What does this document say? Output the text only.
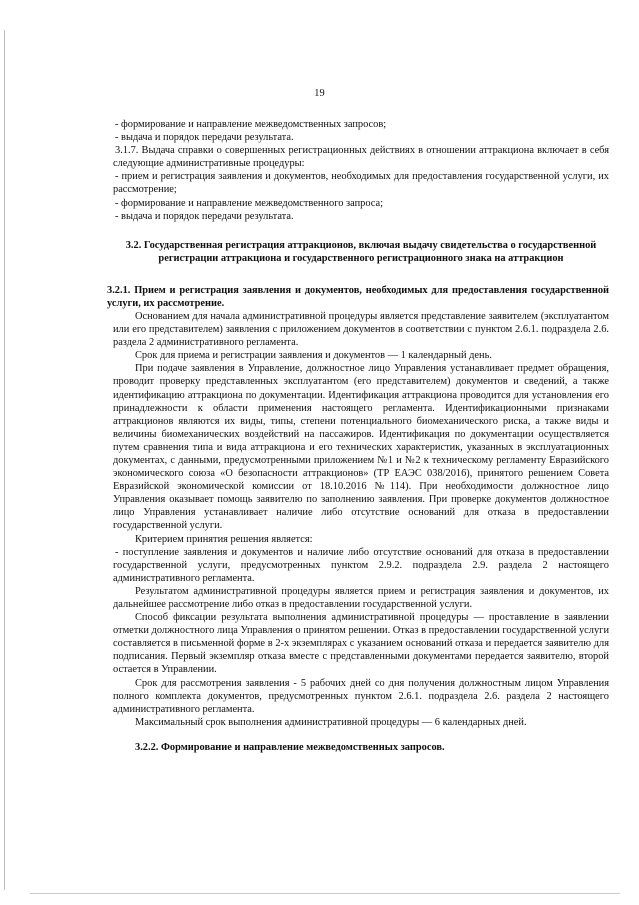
19

- формирование и направление межведомственных запросов;

- выдача и порядок передачи результата.

3.1.7. Выдача справки о совершенных регистрационных действиях в отношении аттракциона включает в себя следующие административные процедуры:

- прием и регистрация заявления и документов, необходимых для предоставления государственной услуги, их рассмотрение;

- формирование и направление межведомственного запроса;

- выдача и порядок передачи результата.

3.2. Государственная регистрация аттракционов, включая выдачу свидетельства о государственной регистрации аттракциона и государственного регистрационного знака на аттракцион

3.2.1. Прием и регистрация заявления и документов, необходимых для предоставления государственной услуги, их рассмотрение.

Основанием для начала административной процедуры является представление заявителем (эксплуатантом или его представителем) заявления с приложением документов в соответствии с пунктом 2.6.1. подраздела 2.6. раздела 2 административного регламента.

Срок для приема и регистрации заявления и документов — 1 календарный день.

При подаче заявления в Управление, должностное лицо Управления устанавливает предмет обращения, проводит проверку представленных эксплуатантом (его представителем) документов и сведений, а также идентификацию аттракциона по документации. Идентификация аттракциона проводится для установления его принадлежности к области применения настоящего регламента. Идентификационными признаками аттракционов являются их виды, типы, степени потенциального биомеханического риска, а также виды и величины биомеханических воздействий на пассажиров. Идентификация по документации осуществляется путем сравнения типа и вида аттракциона и его технических характеристик, указанных в эксплуатационных документах, с данными, предусмотренными приложением №1 и №2 к техническому регламенту Евразийского экономического союза «О безопасности аттракционов» (ТР ЕАЭС 038/2016), принятого решением Совета Евразийской экономической комиссии от 18.10.2016 №114). При необходимости должностное лицо Управления оказывает помощь заявителю по заполнению заявления. При проверке документов должностное лицо Управления устанавливает наличие либо отсутствие оснований для отказа в предоставлении государственной услуги.

Критерием принятия решения является:

- поступление заявления и документов и наличие либо отсутствие оснований для отказа в предоставлении государственной услуги, предусмотренных пунктом 2.9.2. подраздела 2.9. раздела 2 настоящего административного регламента.

Результатом административной процедуры является прием и регистрация заявления и документов, их дальнейшее рассмотрение либо отказ в предоставлении государственной услуги.

Способ фиксации результата выполнения административной процедуры — проставление в заявлении отметки должностного лица Управления о принятом решении. Отказ в предоставлении государственной услуги составляется в письменной форме в 2-х экземплярах с указанием оснований отказа и передается заявителю для подписания. Первый экземпляр отказа вместе с представленными документами передается заявителю, второй остается в Управлении.

Срок для рассмотрения заявления - 5 рабочих дней со дня получения должностным лицом Управления полного комплекта документов, предусмотренных пунктом 2.6.1. подраздела 2.6. раздела 2 настоящего административного регламента.

Максимальный срок выполнения административной процедуры — 6 календарных дней.

3.2.2. Формирование и направление межведомственных запросов.
